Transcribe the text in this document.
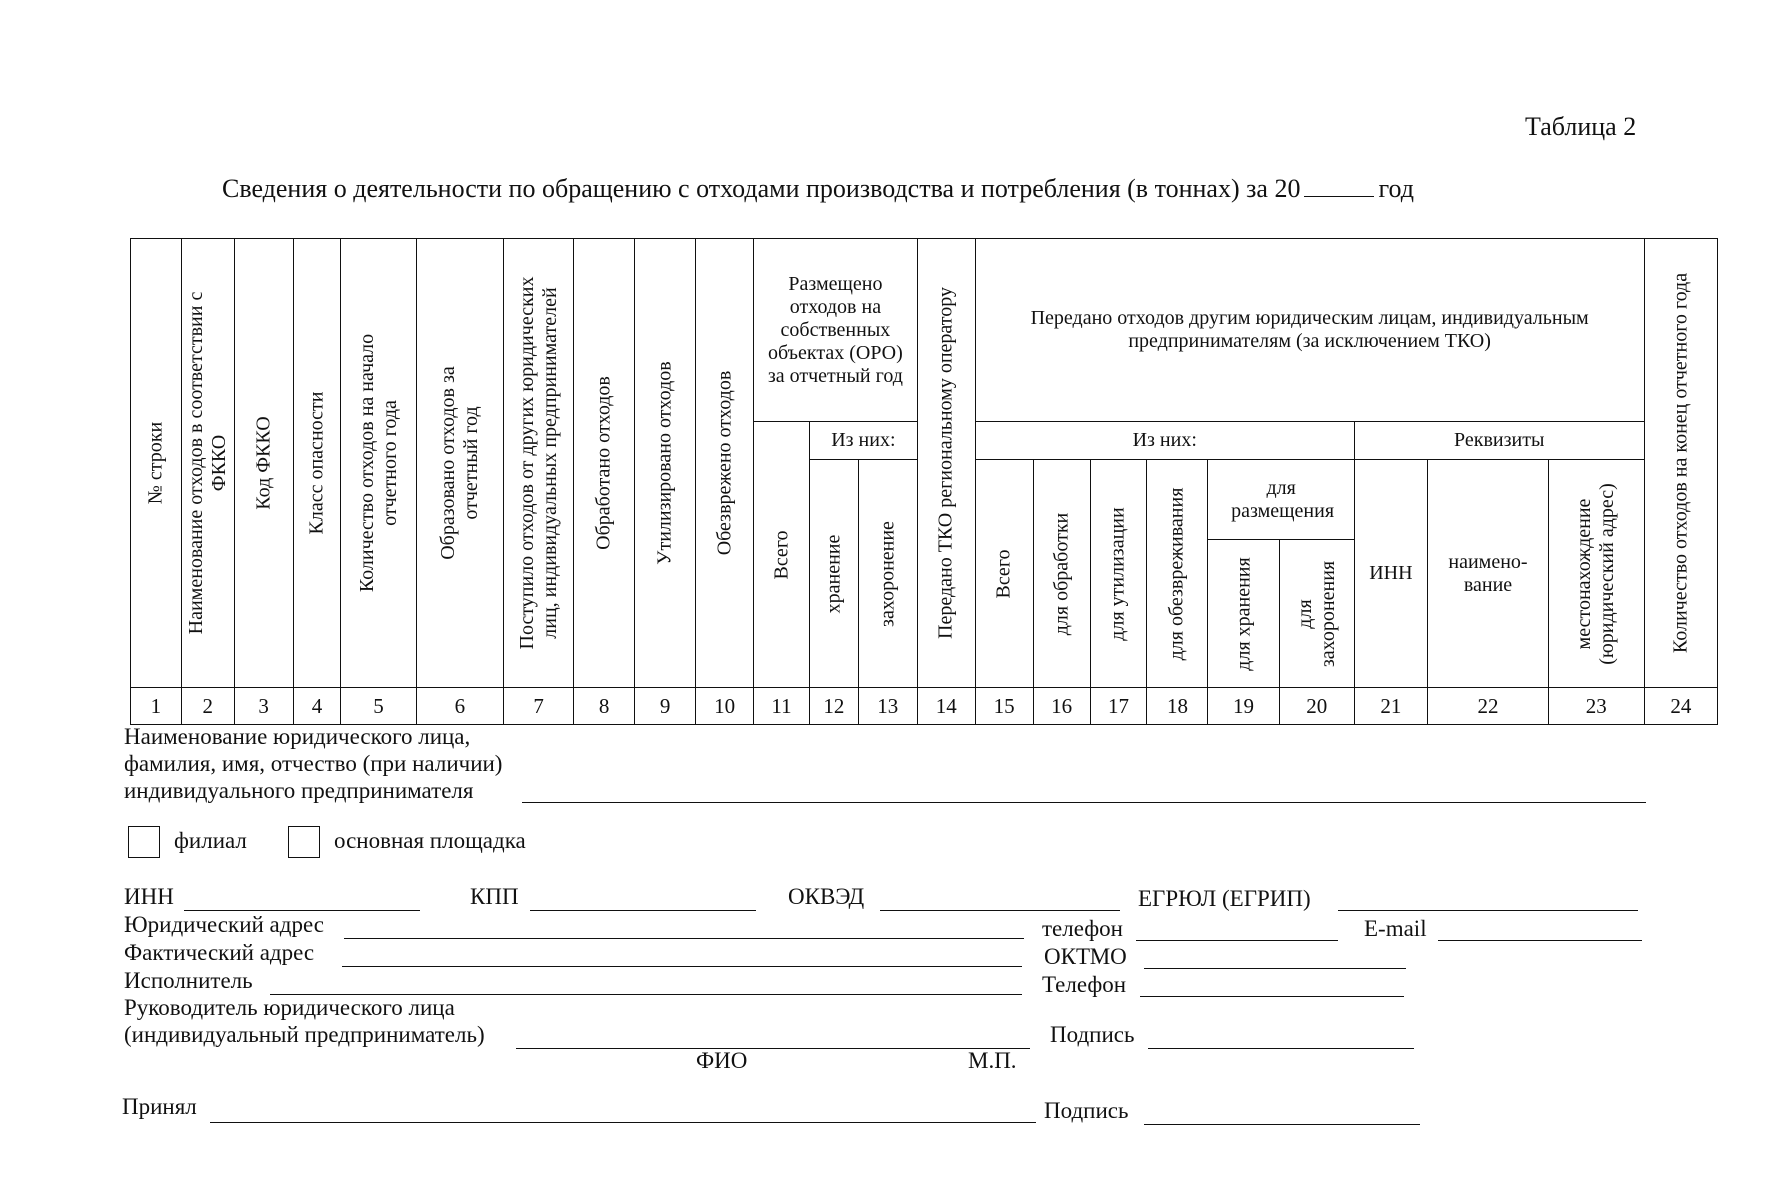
Таблица 2
Сведения о деятельности по обращению с отходами производства и потребления (в тоннах) за 20	год
№ строки	Наименование отходов в соответствии с ФККО	Код ФККО	Класс опасности	Количество отходов на начало отчетного года	Образовано отходов за отчетный год	Поступило отходов от других юридических лиц, индивидуальных предпринимателей	Обработано отходов	Утилизировано отходов	Обезврежено отходов	Размещено отходов на собственных объектах (ОРО) за отчетный год			Передано ТКО региональному оператору	Передано отходов другим юридическим лицам, индивидуальным предпринимателям (за исключением ТКО)									Количество отходов на конец отчетного года

										Всего	Из них:			Из них:						Реквизиты			

											хранение	захоронение		Всего	для обработки	для утилизации	для обезвреживания	для размещения		ИНН	наимено-вание	местонахождение (юридический адрес)	

																		для хранения	для захоронения				

1	2	3	4	5	6	7	8	9	10	11	12	13	14	15	16	17	18	19	20	21	22	23	24
Наименование юридического лица,
фамилия, имя, отчество (при наличии)
индивидуального предпринимателя
филиал	основная площадка
ИНН	КПП	ОКВЭД	ЕГРЮЛ (ЕГРИП)
Юридический адрес	телефон	E-mail
Фактический адрес	ОКТМО
Исполнитель	Телефон
Руководитель юридического лица
(индивидуальный предприниматель)	Подпись
ФИО	М.П.
Принял	Подпись
